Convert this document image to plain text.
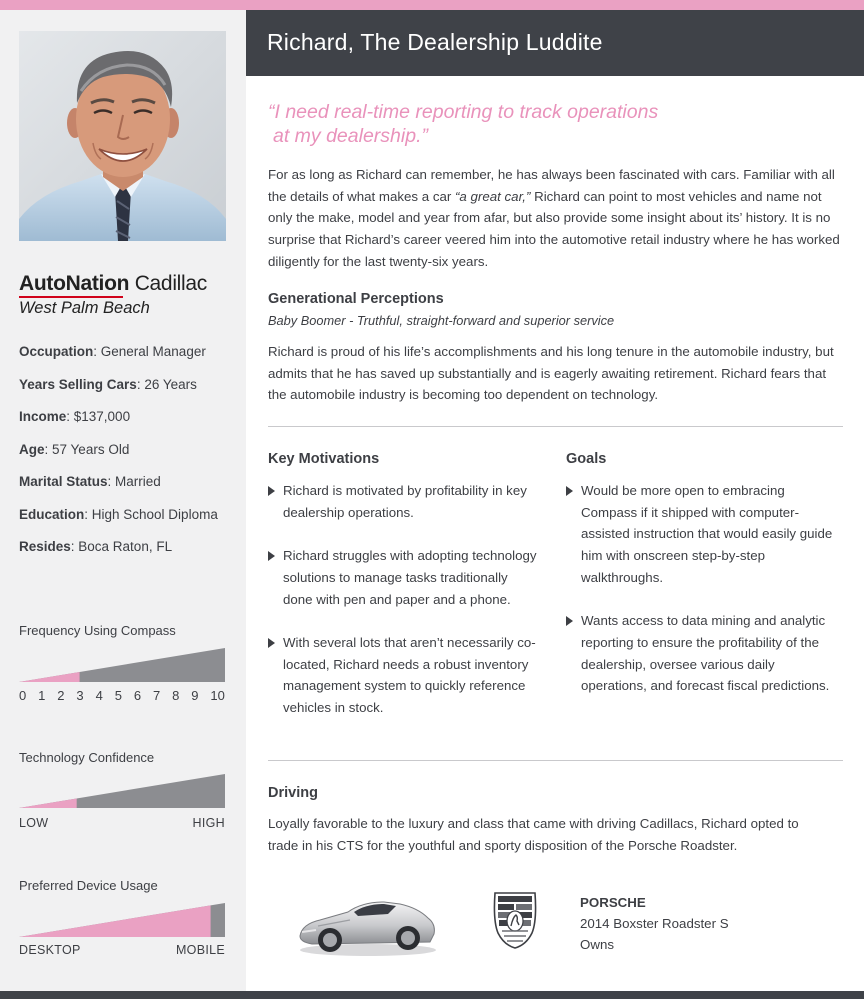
AutoNation Cadillac
West Palm Beach
Occupation: General Manager
Years Selling Cars: 26 Years
Income: $137,000
Age: 57 Years Old
Marital Status: Married
Education: High School Diploma
Resides: Boca Raton, FL
Frequency Using Compass
0 1 2 3 4 5 6 7 8 9 10
Technology Confidence
LOW	HIGH
Preferred Device Usage
DESKTOP	MOBILE
Richard, The Dealership Luddite
“I need real-time reporting to track operations
at my dealership.”
For as long as Richard can remember, he has always been fascinated with cars. Familiar with all the details of what makes a car “a great car,” Richard can point to most vehicles and name not only the make, model and year from afar, but also provide some insight about its’ history. It is no surprise that Richard’s career veered him into the automotive retail industry where he has worked diligently for the last twenty-six years.
Generational Perceptions
Baby Boomer - Truthful, straight-forward and superior service
Richard is proud of his life’s accomplishments and his long tenure in the automobile industry, but admits that he has saved up substantially and is eagerly awaiting retirement. Richard fears that the automobile industry is becoming too dependent on technology.
Key Motivations
Richard is motivated by profitability in key dealership operations.
Richard struggles with adopting technology solutions to manage tasks traditionally done with pen and paper and a phone.
With several lots that aren’t necessarily co-located, Richard needs a robust inventory management system to quickly reference vehicles in stock.
Goals
Would be more open to embracing Compass if it shipped with computer-assisted instruction that would easily guide him with onscreen step-by-step walkthroughs.
Wants access to data mining and analytic reporting to ensure the profitability of the dealership, oversee various daily operations, and forecast fiscal predictions.
Driving
Loyally favorable to the luxury and class that came with driving Cadillacs, Richard opted to trade in his CTS for the youthful and sporty disposition of the Porsche Roadster.
PORSCHE
2014 Boxster Roadster S
Owns
